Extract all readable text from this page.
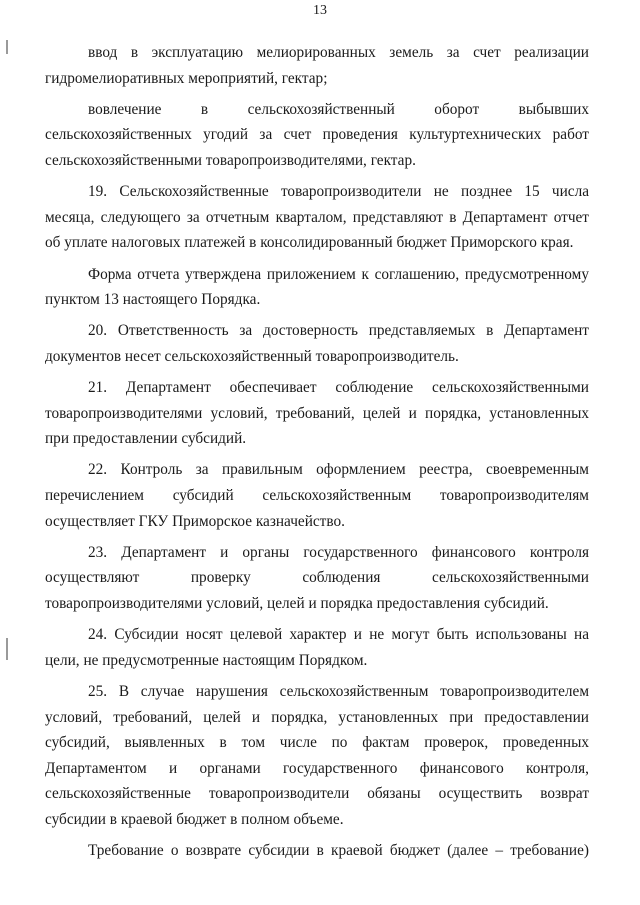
13

ввод в эксплуатацию мелиорированных земель за счет реализации гидромелиоративных мероприятий, гектар;

вовлечение в сельскохозяйственный оборот выбывших сельскохозяйственных угодий за счет проведения культуртехнических работ сельскохозяйственными товаропроизводителями, гектар.

19. Сельскохозяйственные товаропроизводители не позднее 15 числа месяца, следующего за отчетным кварталом, представляют в Департамент отчет об уплате налоговых платежей в консолидированный бюджет Приморского края.

Форма отчета утверждена приложением к соглашению, предусмотренному пунктом 13 настоящего Порядка.

20. Ответственность за достоверность представляемых в Департамент документов несет сельскохозяйственный товаропроизводитель.

21. Департамент обеспечивает соблюдение сельскохозяйственными товаропроизводителями условий, требований, целей и порядка, установленных при предоставлении субсидий.

22. Контроль за правильным оформлением реестра, своевременным перечислением субсидий сельскохозяйственным товаропроизводителям осуществляет ГКУ Приморское казначейство.

23. Департамент и органы государственного финансового контроля осуществляют проверку соблюдения сельскохозяйственными товаропроизводителями условий, целей и порядка предоставления субсидий.

24. Субсидии носят целевой характер и не могут быть использованы на цели, не предусмотренные настоящим Порядком.

25. В случае нарушения сельскохозяйственным товаропроизводителем условий, требований, целей и порядка, установленных при предоставлении субсидий, выявленных в том числе по фактам проверок, проведенных Департаментом и органами государственного финансового контроля, сельскохозяйственные товаропроизводители обязаны осуществить возврат субсидии в краевой бюджет в полном объеме.

Требование о возврате субсидии в краевой бюджет (далее – требование)
